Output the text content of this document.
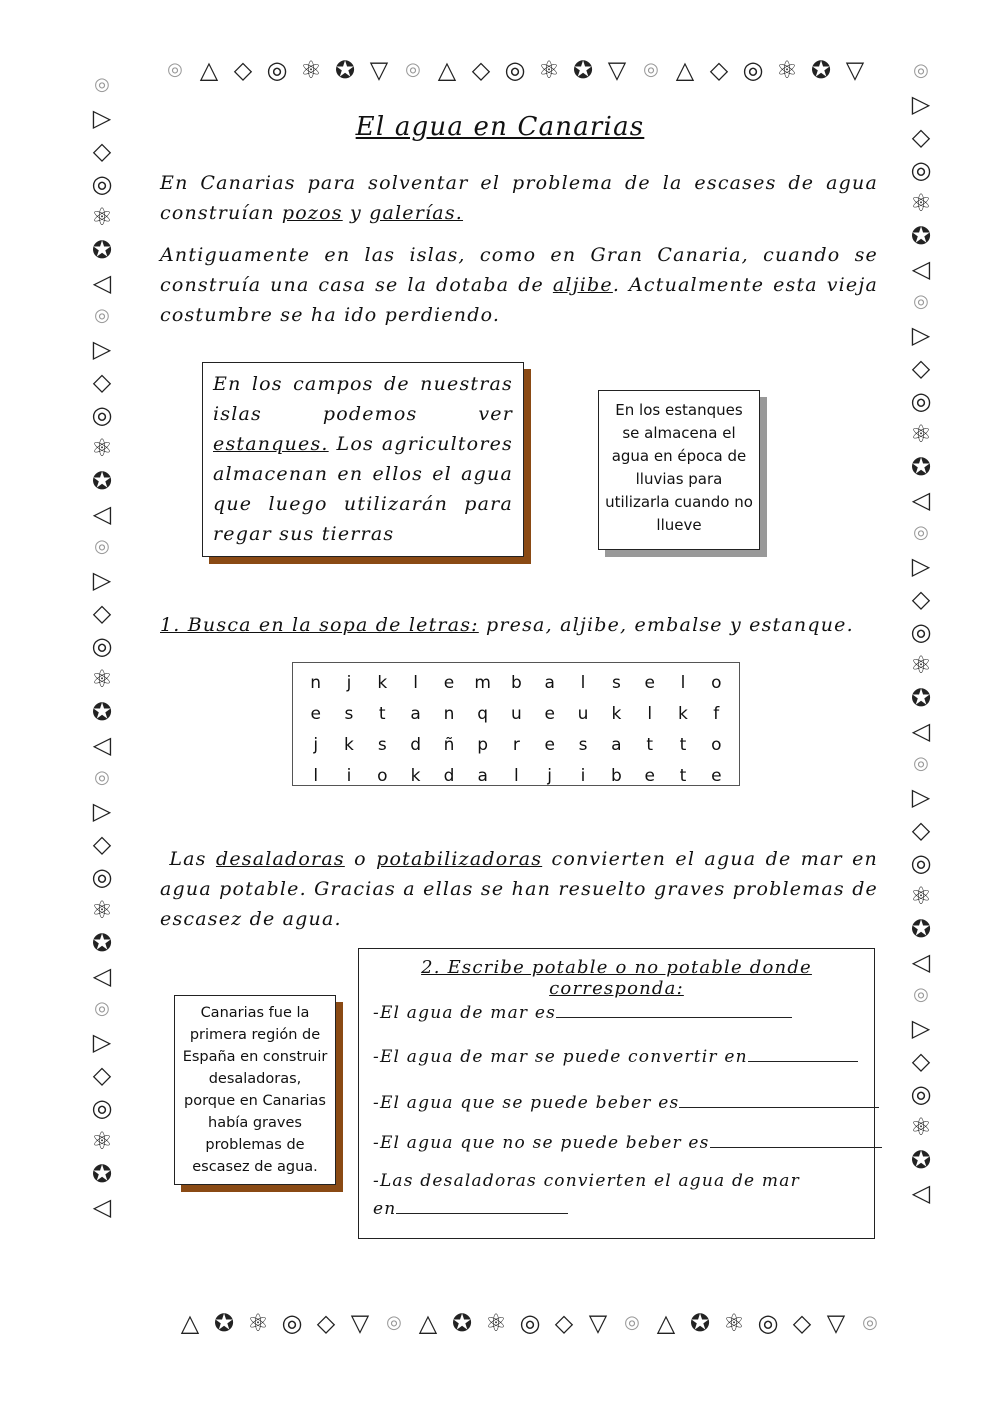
◎ △ ◇ ◎ ⚛ ✪ ▽ ◎ △ ◇ ◎ ⚛ ✪ ▽ ◎ △ ◇ ◎ ⚛ ✪ ▽
△ ✪ ⚛ ◎ ◇ ▽ ◎ △ ✪ ⚛ ◎ ◇ ▽ ◎ △ ✪ ⚛ ◎ ◇ ▽ ◎
◎
▷
◇
◎
⚛
✪
◁
◎
▷
◇
◎
⚛
✪
◁
◎
▷
◇
◎
⚛
✪
◁
◎
▷
◇
◎
⚛
✪
◁
◎
▷
◇
◎
⚛
✪
◁
◎
▷
◇
◎
⚛
✪
◁
◎
▷
◇
◎
⚛
✪
◁
◎
▷
◇
◎
⚛
✪
◁
◎
▷
◇
◎
⚛
✪
◁
◎
▷
◇
◎
⚛
✪
◁
El agua en Canarias
En Canarias para solventar el problema de la escases de agua construían pozos y galerías.
Antiguamente en las islas, como en Gran Canaria, cuando se construía una casa se la dotaba de aljibe. Actualmente esta vieja costumbre se ha ido perdiendo.
En los campos de nuestras islas podemos ver estanques. Los agricultores almacenan en ellos el agua que luego utilizarán para regar sus tierras
En los estanques se almacena el agua en época de lluvias para utilizarla cuando no llueve
1. Busca en la sopa de letras: presa, aljibe, embalse y estanque.
n	j	k	l	e	m	b	a	l	s	e	l	o
e	s	t	a	n	q	u	e	u	k	l	k	f
j	k	s	d	ñ	p	r	e	s	a	t	t	o
l	i	o	k	d	a	l	j	i	b	e	t	e
Las desaladoras o potabilizadoras convierten el agua de mar en agua potable. Gracias a ellas se han resuelto graves problemas de escasez de agua.
Canarias fue la primera región de España en construir desaladoras, porque en Canarias había graves problemas de escasez de agua.
2. Escribe potable o no potable donde corresponda:
-El agua de mar es
-El agua de mar se puede convertir en
-El agua que se puede beber es
-El agua que no se puede beber es
-Las desaladoras convierten el agua de mar
en
